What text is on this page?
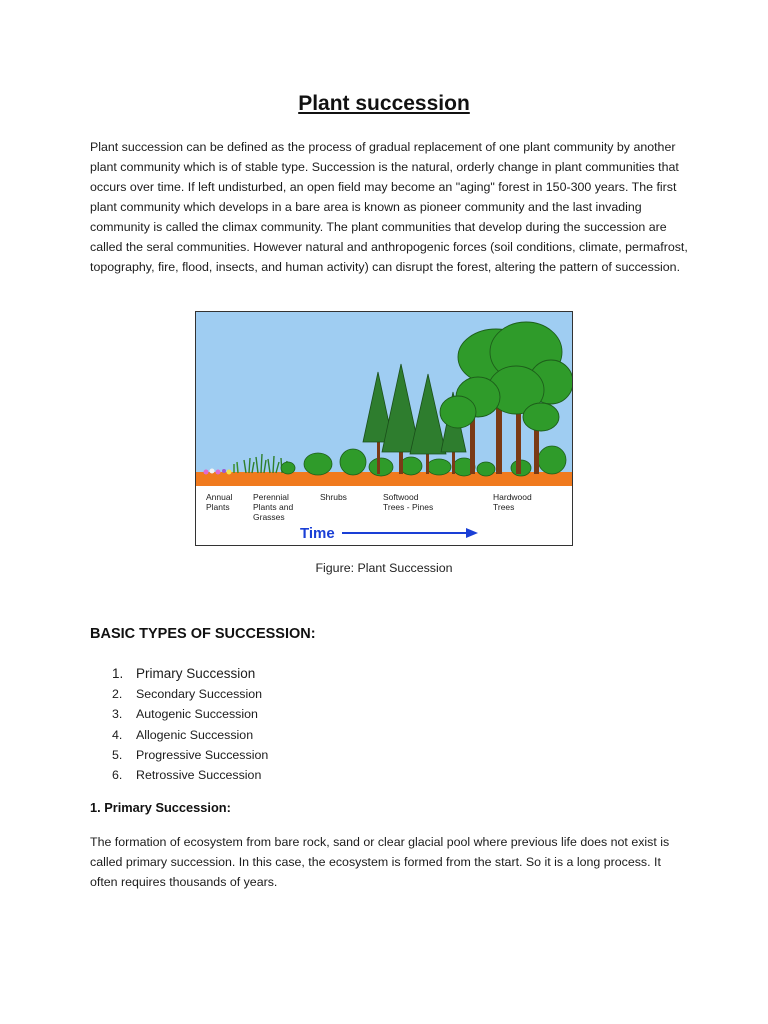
Plant succession
Plant succession can be defined as the process of gradual replacement of one plant community by another plant community which is of stable type. Succession is the natural, orderly change in plant communities that occurs over time. If left undisturbed, an open field may become an "aging" forest in 150-300 years. The first plant community which develops in a bare area is known as pioneer community and the last invading community is called the climax community. The plant communities that develop during the succession are called the seral communities. However natural and anthropogenic forces (soil conditions, climate, permafrost, topography, fire, flood, insects, and human activity) can disrupt the forest, altering the pattern of succession.
Annual
Plants
Perennial
Plants and
Grasses
Shrubs	Softwood
Trees - Pines
Hardwood
Trees
Time
Figure: Plant Succession
BASIC TYPES OF SUCCESSION:
1. Primary Succession
2.	Secondary Succession
3.	Autogenic Succession
4.	Allogenic Succession
5.	Progressive Succession
6.	Retrossive Succession
1. Primary Succession:
The formation of ecosystem from bare rock, sand or clear glacial pool where previous life does not exist is called primary succession. In this case, the ecosystem is formed from the start. So it is a long process. It often requires thousands of years.
